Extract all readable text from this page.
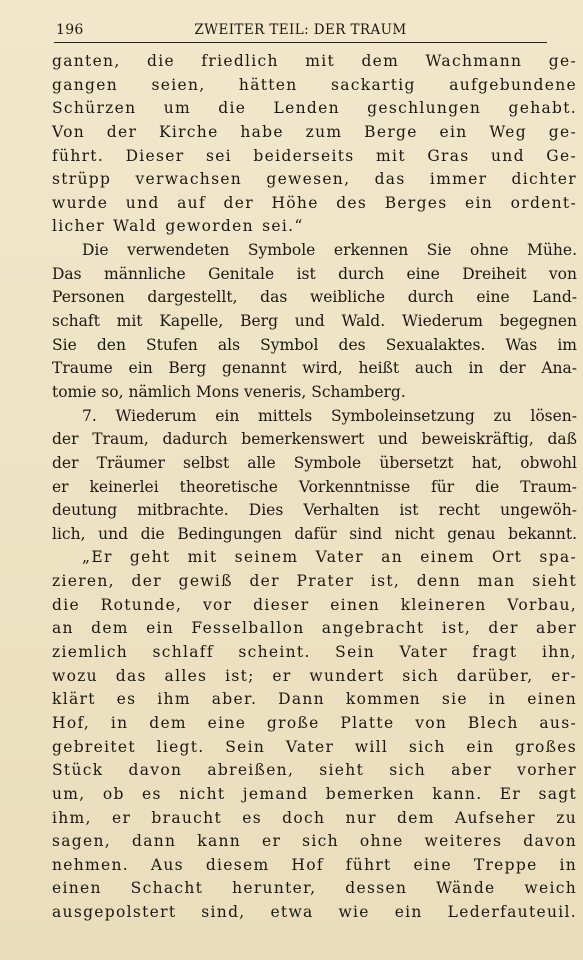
196	ZWEITER TEIL: DER TRAUM
ganten, die friedlich mit dem Wachmann ge-
gangen seien, hätten sackartig aufgebundene
Schürzen um die Lenden geschlungen gehabt.
Von der Kirche habe zum Berge ein Weg ge-
führt. Dieser sei beiderseits mit Gras und Ge-
strüpp verwachsen gewesen, das immer dichter
wurde und auf der Höhe des Berges ein ordent-
licher Wald geworden sei.“
Die verwendeten Symbole erkennen Sie ohne Mühe.
Das männliche Genitale ist durch eine Dreiheit von
Personen dargestellt, das weibliche durch eine Land-
schaft mit Kapelle, Berg und Wald. Wiederum begegnen
Sie den Stufen als Symbol des Sexualaktes. Was im
Traume ein Berg genannt wird, heißt auch in der Ana-
tomie so, nämlich Mons veneris, Schamberg.
7. Wiederum ein mittels Symboleinsetzung zu lösen-
der Traum, dadurch bemerkenswert und beweiskräftig, daß
der Träumer selbst alle Symbole übersetzt hat, obwohl
er keinerlei theoretische Vorkenntnisse für die Traum-
deutung mitbrachte. Dies Verhalten ist recht ungewöh-
lich, und die Bedingungen dafür sind nicht genau bekannt.
„Er geht mit seinem Vater an einem Ort spa-
zieren, der gewiß der Prater ist, denn man sieht
die Rotunde, vor dieser einen kleineren Vorbau,
an dem ein Fesselballon angebracht ist, der aber
ziemlich schlaff scheint. Sein Vater fragt ihn,
wozu das alles ist; er wundert sich darüber, er-
klärt es ihm aber. Dann kommen sie in einen
Hof, in dem eine große Platte von Blech aus-
gebreitet liegt. Sein Vater will sich ein großes
Stück davon abreißen, sieht sich aber vorher
um, ob es nicht jemand bemerken kann. Er sagt
ihm, er braucht es doch nur dem Aufseher zu
sagen, dann kann er sich ohne weiteres davon
nehmen. Aus diesem Hof führt eine Treppe in
einen Schacht herunter, dessen Wände weich
ausgepolstert sind, etwa wie ein Lederfauteuil.
